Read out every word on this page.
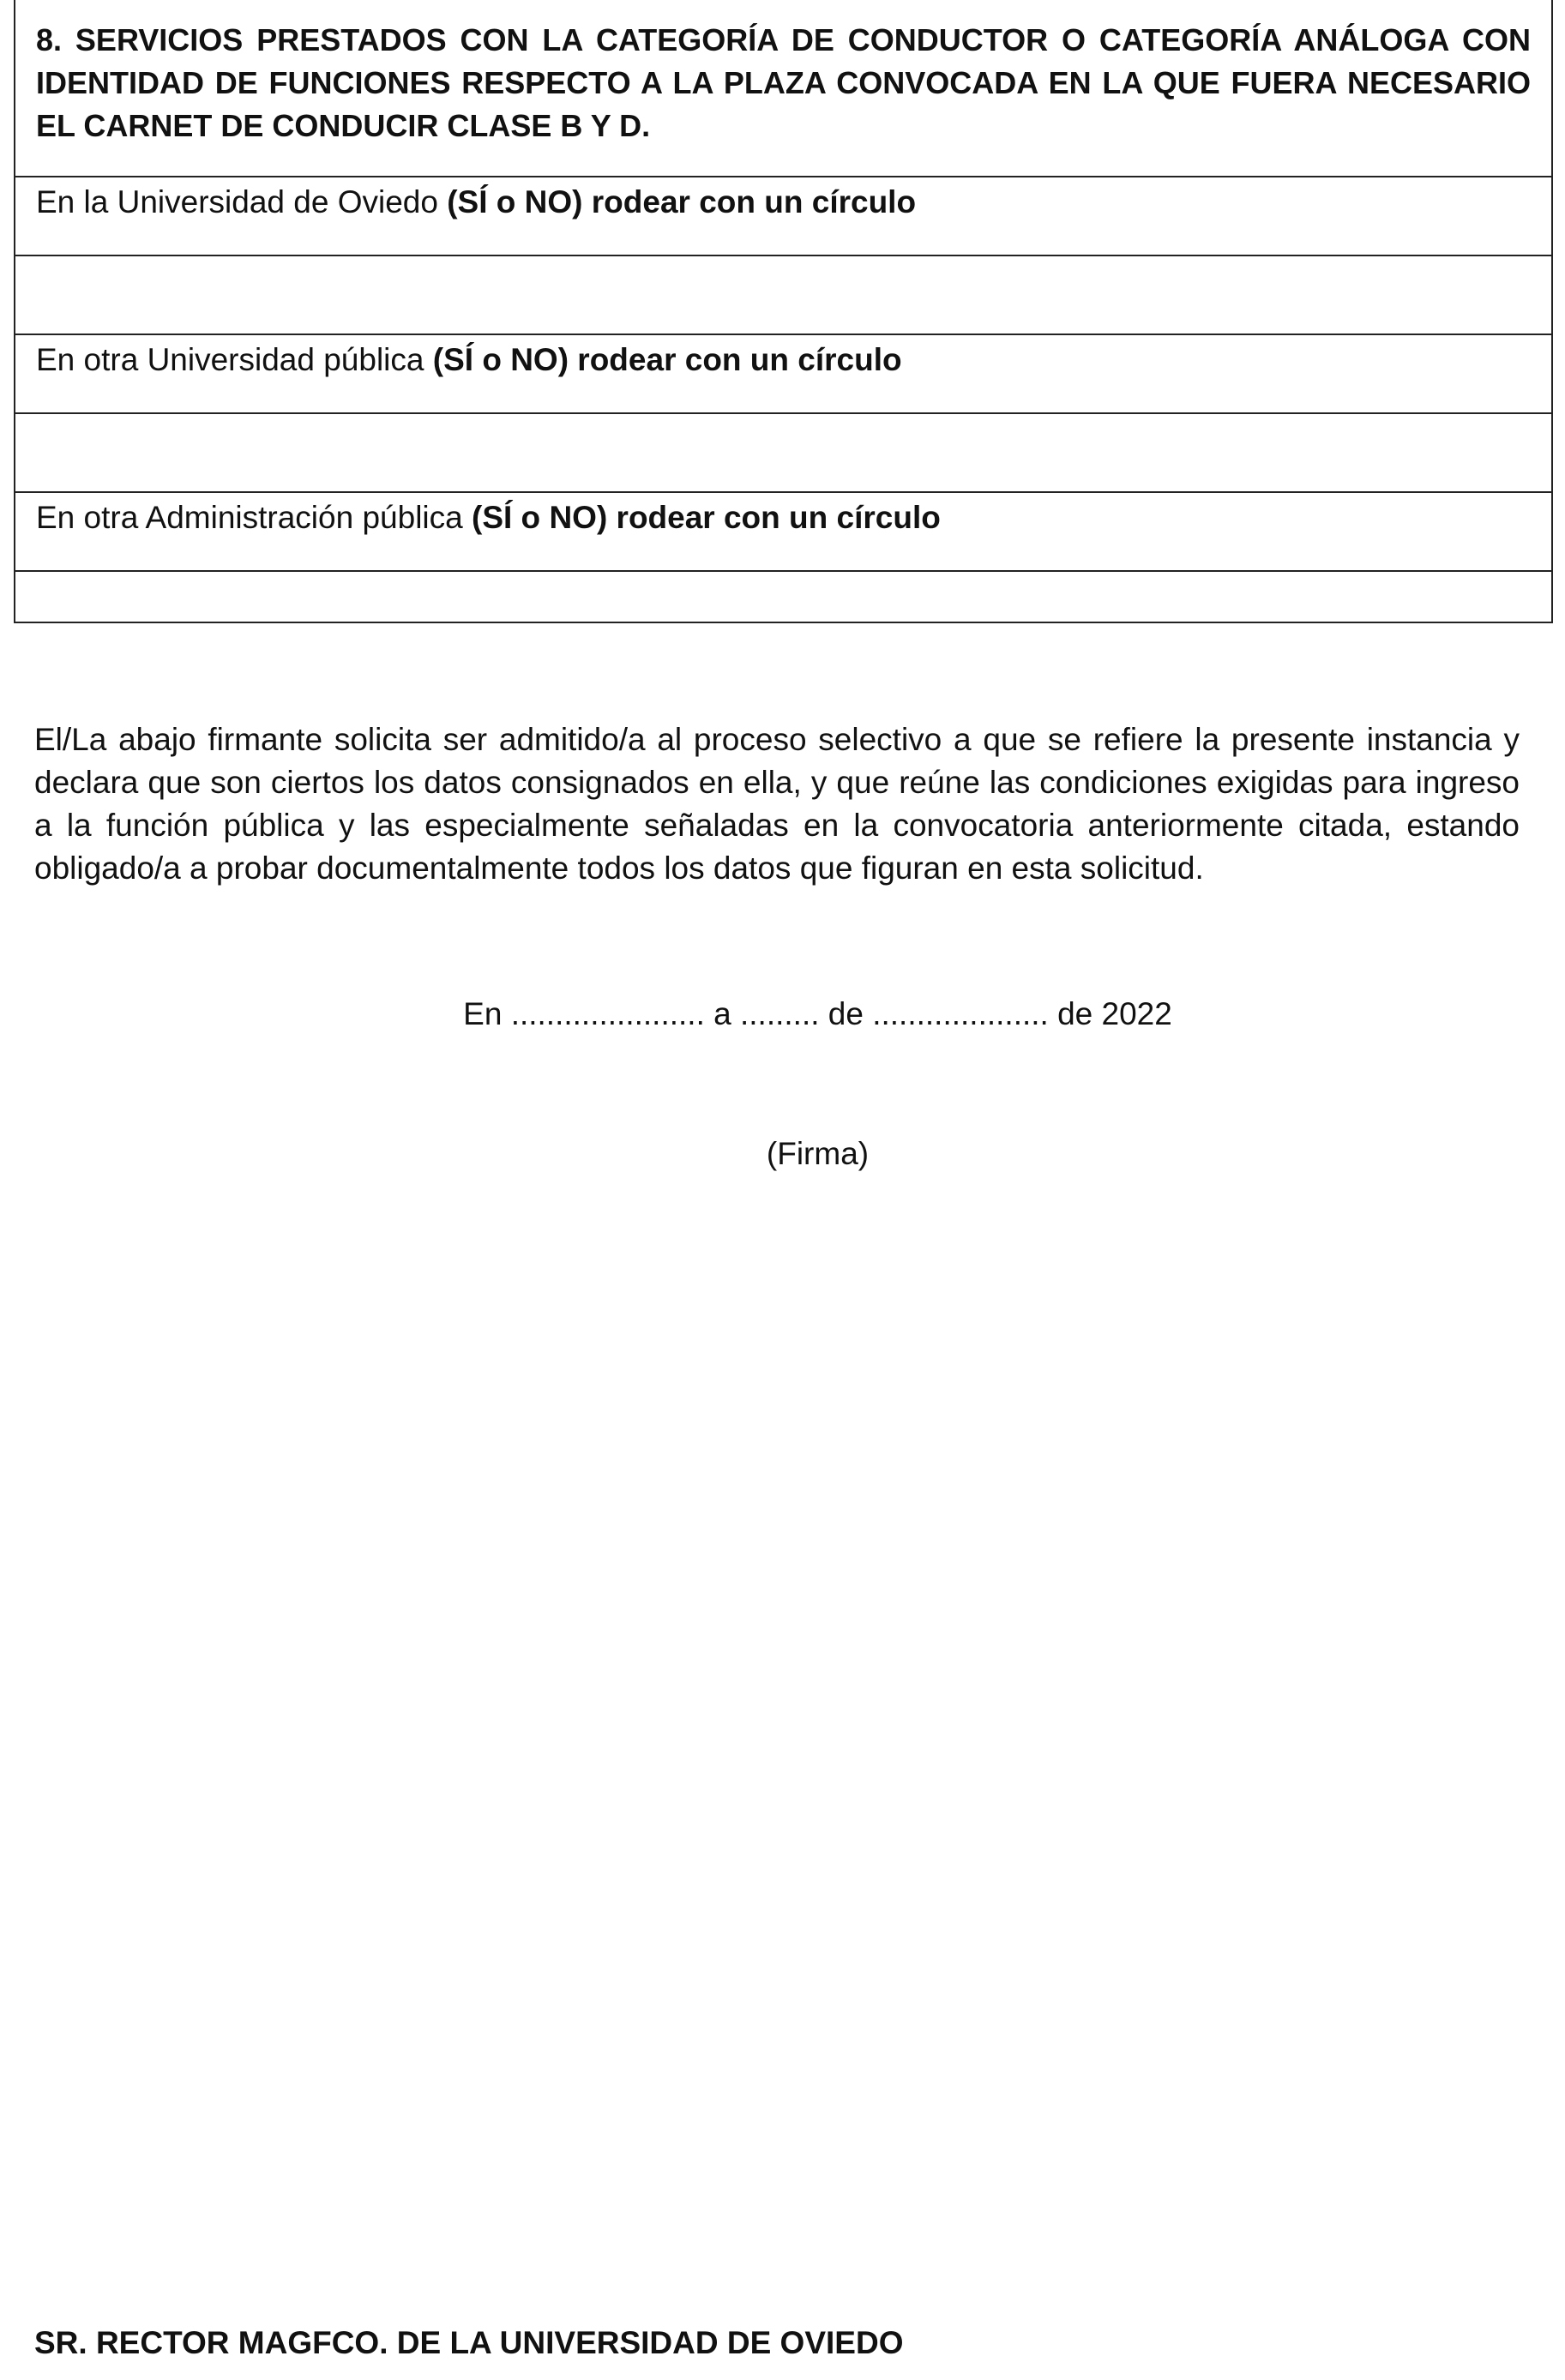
8. SERVICIOS PRESTADOS CON LA CATEGORÍA DE CONDUCTOR O CATEGORÍA ANÁLOGA CON IDENTIDAD DE FUNCIONES RESPECTO A LA PLAZA CONVOCADA EN LA QUE FUERA NECESARIO EL CARNET DE CONDUCIR CLASE B Y D.
En la Universidad de Oviedo (SÍ o NO) rodear con un círculo

En otra Universidad pública (SÍ o NO) rodear con un círculo

En otra Administración pública (SÍ o NO) rodear con un círculo

El/La abajo firmante solicita ser admitido/a al proceso selectivo a que se refiere la presente instancia y declara que son ciertos los datos consignados en ella, y que reúne las condiciones exigidas para ingreso a la función pública y las especialmente señaladas en la convocatoria anteriormente citada, estando obligado/a a probar documentalmente todos los datos que figuran en esta solicitud.

En ...................... a ......... de .................... de 2022
(Firma)
SR. RECTOR MAGFCO. DE LA UNIVERSIDAD DE OVIEDO
